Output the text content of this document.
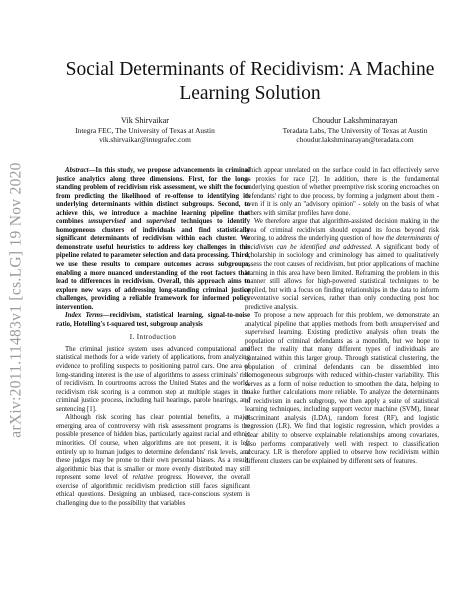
arXiv:2011.11483v1 [cs.LG] 19 Nov 2020
Social Determinants of Recidivism: A Machine Learning Solution
Vik Shirvaikar
Integra FEC, The University of Texas at Austin
vik.shirvaikar@integrafec.com
Choudur Lakshminarayan
Teradata Labs, The University of Texas at Austin
choudur.lakshminarayan@teradata.com

Abstract—In this study, we propose advancements in criminal justice analytics along three dimensions. First, for the long-standing problem of recidivism risk assessment, we shift the focus from predicting the likelihood of re-offense to identifying its underlying determinants within distinct subgroups. Second, to achieve this, we introduce a machine learning pipeline that combines unsupervised and supervised techniques to identify homogeneous clusters of individuals and find statistically significant determinants of recidivism within each cluster. We demonstrate useful heuristics to address key challenges in this pipeline related to parameter selection and data processing. Third, we use these results to compare outcomes across subgroups, enabling a more nuanced understanding of the root factors that lead to differences in recidivism. Overall, this approach aims to explore new ways of addressing long-standing criminal justice challenges, providing a reliable framework for informed policy intervention.

Index Terms—recidivism, statistical learning, signal-to-noise ratio, Hotelling's t-squared test, subgroup analysis

I. Introduction

The criminal justice system uses advanced computational and statistical methods for a wide variety of applications, from analyzing evidence to profiling suspects to positioning patrol cars. One area of long-standing interest is the use of algorithms to assess criminals' risk of recidivism. In courtrooms across the United States and the world, recidivism risk scoring is a common step at multiple stages in the criminal justice process, including bail hearings, parole hearings, and sentencing [1].

Although risk scoring has clear potential benefits, a major emerging area of controversy with risk assessment programs is the possible presence of hidden bias, particularly against racial and ethnic minorities. Of course, when algorithms are not present, it is left entirely up to human judges to determine defendants' risk levels, and these judges may be prone to their own personal biases. As a result, algorithmic bias that is smaller or more evenly distributed may still represent some level of relative progress. However, the overall exercise of algorithmic recidivism prediction still faces significant ethical questions. Designing an unbiased, race-conscious system is challenging due to the possibility that variables

which appear unrelated on the surface could in fact effectively serve as proxies for race [2]. In addition, there is the fundamental underlying question of whether preemptive risk scoring encroaches on defendants' right to due process, by forming a judgment about them - even if it is only an "advisory opinion" - solely on the basis of what others with similar profiles have done.

We therefore argue that algorithm-assisted decision making in the area of criminal recidivism should expand its focus beyond risk scoring, to address the underlying question of how the determinants of recidivism can be identified and addressed. A significant body of scholarship in sociology and criminology has aimed to qualitatively assess the root causes of recidivism, but prior applications of machine learning in this area have been limited. Reframing the problem in this manner still allows for high-powered statistical techniques to be applied, but with a focus on finding relationships in the data to inform preventative social services, rather than only conducting post hoc predictive analysis.

To propose a new approach for this problem, we demonstrate an analytical pipeline that applies methods from both unsupervised and supervised learning. Existing predictive analysis often treats the population of criminal defendants as a monolith, but we hope to reflect the reality that many different types of individuals are contained within this larger group. Through statistical clustering, the population of criminal defendants can be dissembled into homogeneous subgroups with reduced within-cluster variability. This serves as a form of noise reduction to smoothen the data, helping to make further calculations more reliable. To analyze the determinants of recidivism in each subgroup, we then apply a suite of statistical learning techniques, including support vector machine (SVM), linear discriminant analysis (LDA), random forest (RF), and logistic regression (LR). We find that logistic regression, which provides a clear ability to observe explainable relationships among covariates, also performs comparatively well with respect to classification accuracy. LR is therefore applied to observe how recidivism within different clusters can be explained by different sets of features.
